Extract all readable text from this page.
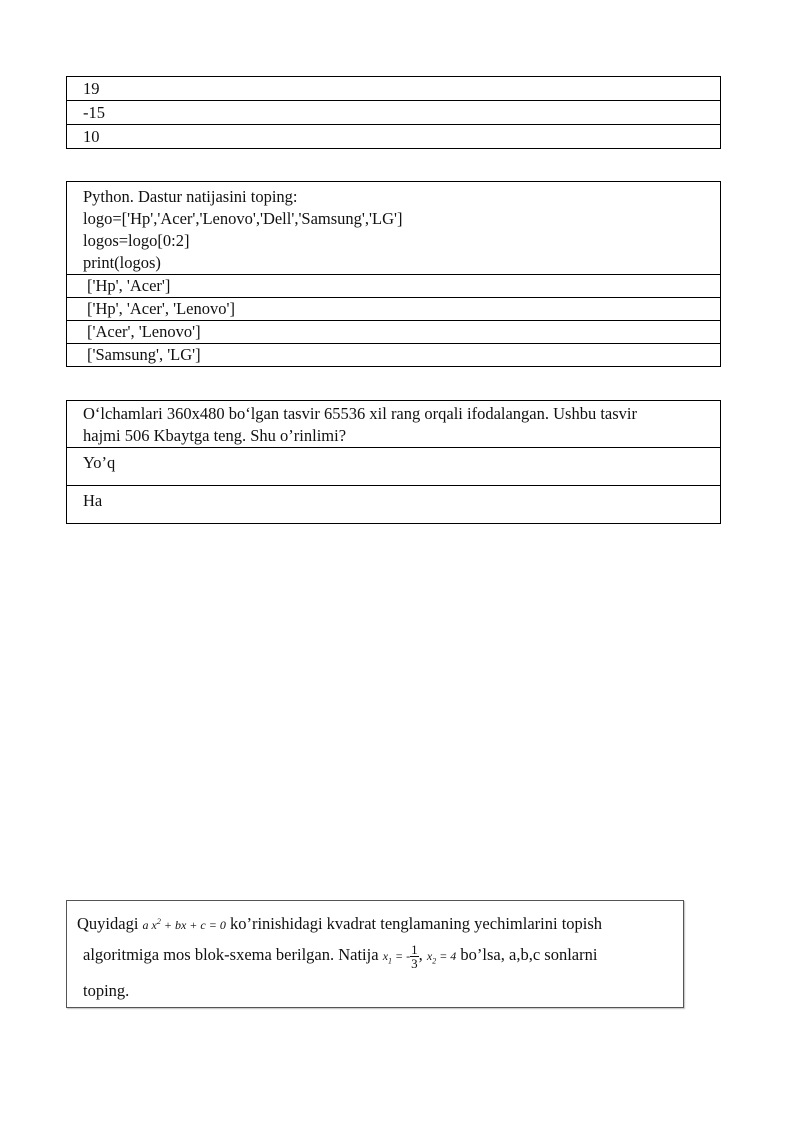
19
-15
10
Python. Dastur natijasini toping:
logo=['Hp','Acer','Lenovo','Dell','Samsung','LG']
logos=logo[0:2]
print(logos)

['Hp', 'Acer']
['Hp', 'Acer', 'Lenovo']
['Acer', 'Lenovo']
['Samsung', 'LG']
O‘lchamlari 360x480 bo‘lgan tasvir 65536 xil rang orqali ifodalangan. Ushbu tasvir
hajmi 506 Kbaytga teng. Shu o’rinlimi?

Yo’q
Ha
Quyidagi a $x^2$ + bx + c = 0 ko’rinishidagi kvadrat tenglamaning yechimlarini topish
algoritmiga mos blok-sxema berilgan. Natija $x_1$ = - $\frac{1}{3}$ , $x_2 = 4$ bo’lsa, a,b,c sonlarni
toping.
